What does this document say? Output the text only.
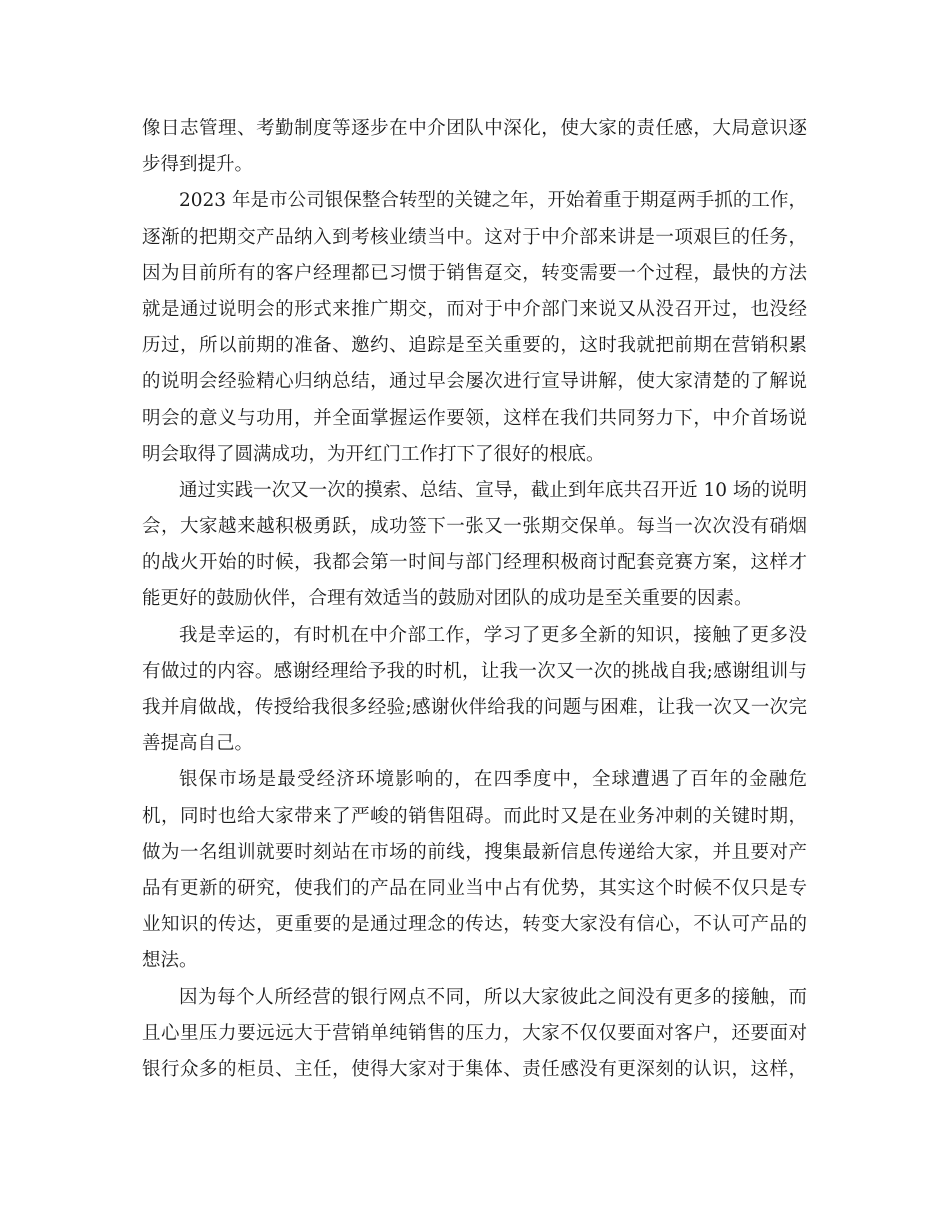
像日志管理、考勤制度等逐步在中介团队中深化，使大家的责任感，大局意识逐
步得到提升。
2023 年是市公司银保整合转型的关键之年，开始着重于期趸两手抓的工作，
逐渐的把期交产品纳入到考核业绩当中。这对于中介部来讲是一项艰巨的任务，
因为目前所有的客户经理都已习惯于销售趸交，转变需要一个过程，最快的方法
就是通过说明会的形式来推广期交，而对于中介部门来说又从没召开过，也没经
历过，所以前期的准备、邀约、追踪是至关重要的，这时我就把前期在营销积累
的说明会经验精心归纳总结，通过早会屡次进行宣导讲解，使大家清楚的了解说
明会的意义与功用，并全面掌握运作要领，这样在我们共同努力下，中介首场说
明会取得了圆满成功，为开红门工作打下了很好的根底。
通过实践一次又一次的摸索、总结、宣导，截止到年底共召开近 10 场的说明
会，大家越来越积极勇跃，成功签下一张又一张期交保单。每当一次次没有硝烟
的战火开始的时候，我都会第一时间与部门经理积极商讨配套竞赛方案，这样才
能更好的鼓励伙伴，合理有效适当的鼓励对团队的成功是至关重要的因素。
我是幸运的，有时机在中介部工作，学习了更多全新的知识，接触了更多没
有做过的内容。感谢经理给予我的时机，让我一次又一次的挑战自我;感谢组训与
我并肩做战，传授给我很多经验;感谢伙伴给我的问题与困难，让我一次又一次完
善提高自己。
银保市场是最受经济环境影响的，在四季度中，全球遭遇了百年的金融危
机，同时也给大家带来了严峻的销售阻碍。而此时又是在业务冲刺的关键时期，
做为一名组训就要时刻站在市场的前线，搜集最新信息传递给大家，并且要对产
品有更新的研究，使我们的产品在同业当中占有优势，其实这个时候不仅只是专
业知识的传达，更重要的是通过理念的传达，转变大家没有信心，不认可产品的
想法。
因为每个人所经营的银行网点不同，所以大家彼此之间没有更多的接触，而
且心里压力要远远大于营销单纯销售的压力，大家不仅仅要面对客户，还要面对
银行众多的柜员、主任，使得大家对于集体、责任感没有更深刻的认识，这样，
